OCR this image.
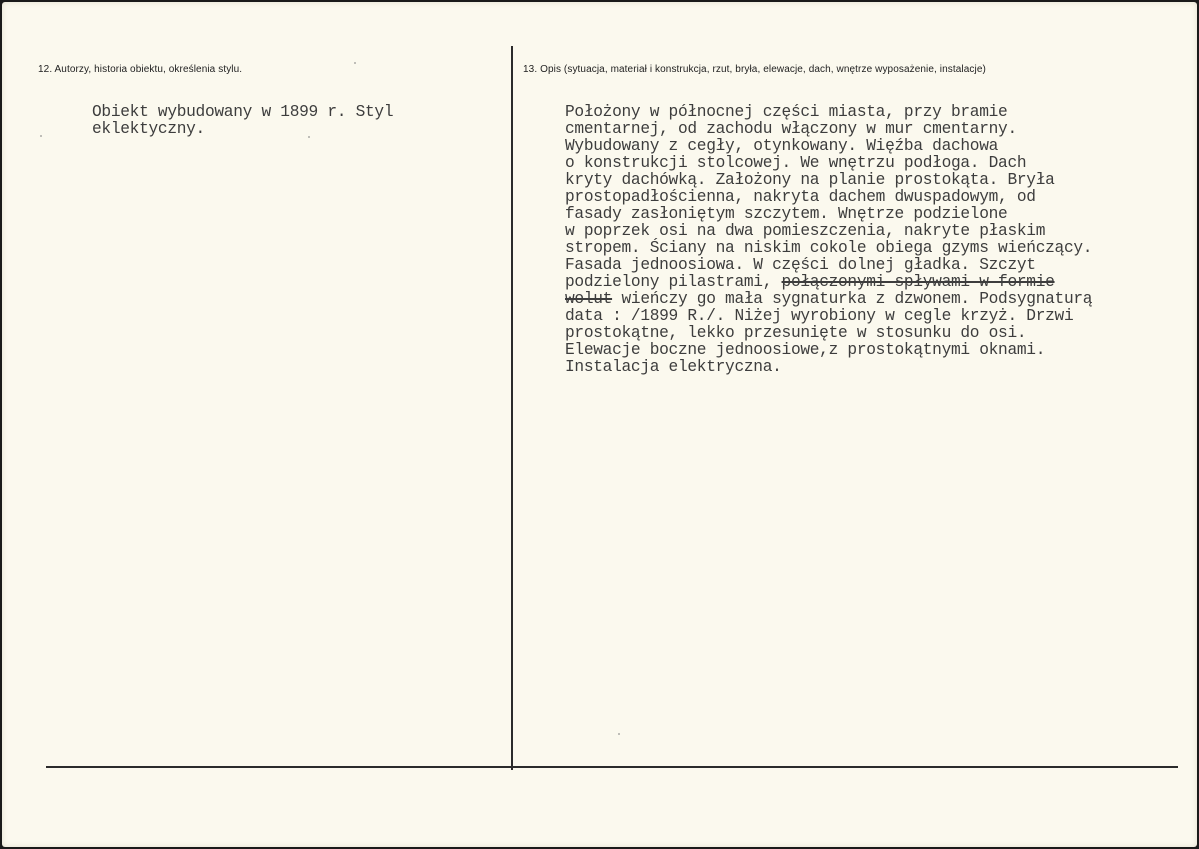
12. Autorzy, historia obiektu, określenia stylu.	13. Opis (sytuacja, materiał i konstrukcja, rzut, bryła, elewacje, dach, wnętrze wyposażenie, instalacje)
Obiekt wybudowany w 1899 r. Styl
eklektyczny.
Położony w północnej części miasta, przy bramie
cmentarnej, od zachodu włączony w mur cmentarny.
Wybudowany z cegły, otynkowany. Więźba dachowa
o konstrukcji stolcowej. We wnętrzu podłoga. Dach
kryty dachówką. Założony na planie prostokąta. Bryła
prostopadłościenna, nakryta dachem dwuspadowym, od
fasady zasłoniętym szczytem. Wnętrze podzielone
w poprzek osi na dwa pomieszczenia, nakryte płaskim
stropem. Ściany na niskim cokole obiega gzyms wieńczący.
Fasada jednoosiowa. W części dolnej gładka. Szczyt
podzielony pilastrami, połączonymi spływami w formie
wolut wieńczy go mała sygnaturka z dzwonem. Podsygnaturą
data : /1899 R./. Niżej wyrobiony w cegle krzyż. Drzwi
prostokątne, lekko przesunięte w stosunku do osi.
Elewacje boczne jednoosiowe,z prostokątnymi oknami.
Instalacja elektryczna.
